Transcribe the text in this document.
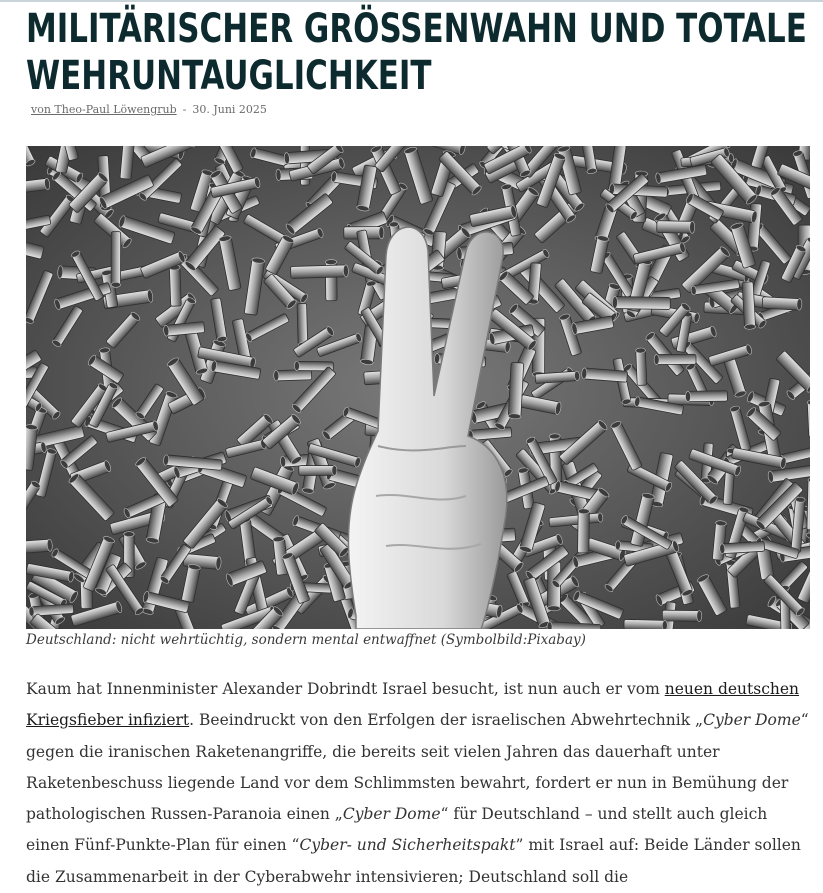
MILITÄRISCHER GRÖSSENWAHN UND TOTALE
WEHRUNTAUGLICHKEIT
von Theo-Paul Löwengrub - 30. Juni 2025
Deutschland: nicht wehrtüchtig, sondern mental entwaffnet (Symbolbild:Pixabay)
Kaum hat Innenminister Alexander Dobrindt Israel besucht, ist nun auch er vom neuen deutschen Kriegsfieber infiziert. Beeindruckt von den Erfolgen der israelischen Abwehrtechnik „Cyber Dome“ gegen die iranischen Raketenangriffe, die bereits seit vielen Jahren das dauerhaft unter Raketenbeschuss liegende Land vor dem Schlimmsten bewahrt, fordert er nun in Bemühung der pathologischen Russen-Paranoia einen „Cyber Dome“ für Deutschland – und stellt auch gleich einen Fünf-Punkte-Plan für einen “Cyber- und Sicherheitspakt” mit Israel auf: Beide Länder sollen die Zusammenarbeit in der Cyberabwehr intensivieren; Deutschland soll die
